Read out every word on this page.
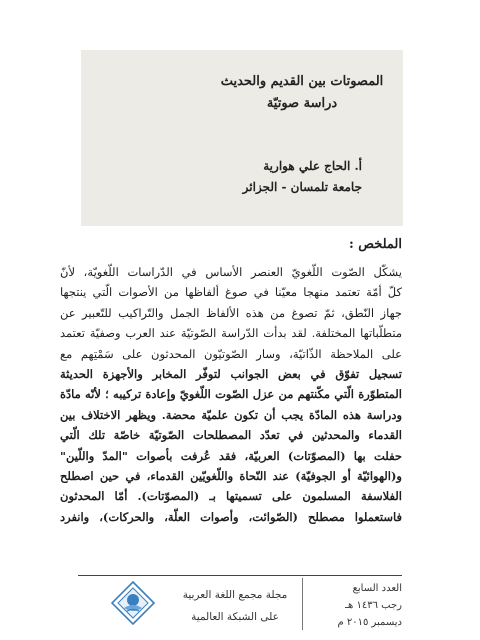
المصوتات بين القديم والحديث
دراسة صوتيّة
أ. الحاج علي هوارية
جامعة تلمسان - الجزائر
الملخص :
يشكّل الصّوت اللّغويّ العنصر الأساس في الدّراسات اللّغويّة، لأنّ
كلّ أمّة تعتمد منهجا معيّنا في صوغ ألفاظها من الأصوات الّتي ينتجها
جهاز النّطق، ثمّ تصوغ من هذه الألفاظ الجمل والتّراكيب للتّعبير عن
متطلّباتها المختلفة. لقد بدأت الدّراسة الصّوتيّة عند العرب وصفيّة تعتمد
على الملاحظة الذّاتيّة، وسار الصّوتيّون المحدثون على سَمْتِهم مع
تسجيل تفوّق في بعض الجوانب لتوفّر المخابر والأجهزة الحديثة
المتطوّرة الّتي مكّنتهم من عزل الصّوت اللّغويّ وإعادة تركيبه ؛ لأنّه مادّة
ودراسة هذه المادّة يجب أن تكون علميّة محضة. ويظهر الاختلاف بين
القدماء والمحدثين في تعدّد المصطلحات الصّوتيّة خاصّة تلك الّتي
حفلت بها (المصوّتات) العربيّة، فقد عُرفت بأصوات "المدّ واللّين"
و(الهوائيّة أو الجوفيّة) عند النّحاة واللّغويّين القدماء، في حين اصطلح
الفلاسفة المسلمون على تسميتها بـ (المصوّتات). أمّا المحدثون
فاستعملوا مصطلح (الصّوائت، وأصوات العلّة، والحركات)، وانفرد
العدد السابع
رجب ١٤٣٦ هـ
ديسمبر ٢٠١٥ م
مجلة مجمع اللغة العربية
على الشبكة العالمية
